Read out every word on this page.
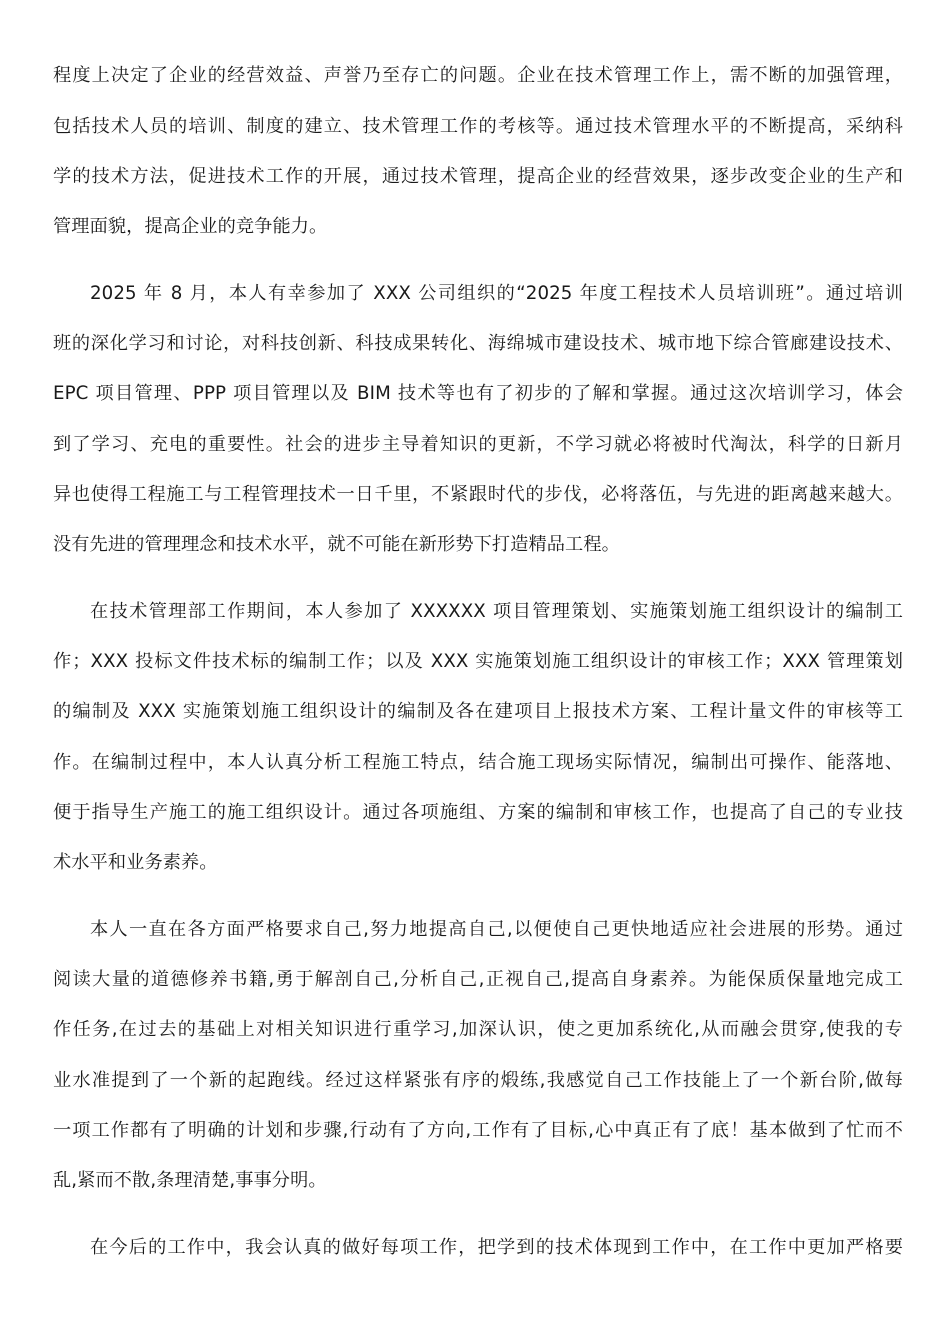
程度上决定了企业的经营效益、声誉乃至存亡的问题。企业在技术管理工作上，需不断的加强管理，
包括技术人员的培训、制度的建立、技术管理工作的考核等。通过技术管理水平的不断提高，采纳科
学的技术方法，促进技术工作的开展，通过技术管理，提高企业的经营效果，逐步改变企业的生产和
管理面貌，提高企业的竞争能力。
2025 年 8 月，本人有幸参加了 XXX 公司组织的“2025 年度工程技术人员培训班”。通过培训
班的深化学习和讨论，对科技创新、科技成果转化、海绵城市建设技术、城市地下综合管廊建设技术、
EPC 项目管理、PPP 项目管理以及 BIM 技术等也有了初步的了解和掌握。通过这次培训学习，体会
到了学习、充电的重要性。社会的进步主导着知识的更新，不学习就必将被时代淘汰，科学的日新月
异也使得工程施工与工程管理技术一日千里，不紧跟时代的步伐，必将落伍，与先进的距离越来越大。
没有先进的管理理念和技术水平，就不可能在新形势下打造精品工程。
在技术管理部工作期间，本人参加了 XXXXXX 项目管理策划、实施策划施工组织设计的编制工
作；XXX 投标文件技术标的编制工作；以及 XXX 实施策划施工组织设计的审核工作；XXX 管理策划
的编制及 XXX 实施策划施工组织设计的编制及各在建项目上报技术方案、工程计量文件的审核等工
作。在编制过程中，本人认真分析工程施工特点，结合施工现场实际情况，编制出可操作、能落地、
便于指导生产施工的施工组织设计。通过各项施组、方案的编制和审核工作，也提高了自己的专业技
术水平和业务素养。
本人一直在各方面严格要求自己,努力地提高自己,以便使自己更快地适应社会进展的形势。通过
阅读大量的道德修养书籍,勇于解剖自己,分析自己,正视自己,提高自身素养。为能保质保量地完成工
作任务,在过去的基础上对相关知识进行重学习,加深认识，使之更加系统化,从而融会贯穿,使我的专
业水准提到了一个新的起跑线。经过这样紧张有序的煅练,我感觉自己工作技能上了一个新台阶,做每
一项工作都有了明确的计划和步骤,行动有了方向,工作有了目标,心中真正有了底！基本做到了忙而不
乱,紧而不散,条理清楚,事事分明。
在今后的工作中，我会认真的做好每项工作，把学到的技术体现到工作中，在工作中更加严格要
